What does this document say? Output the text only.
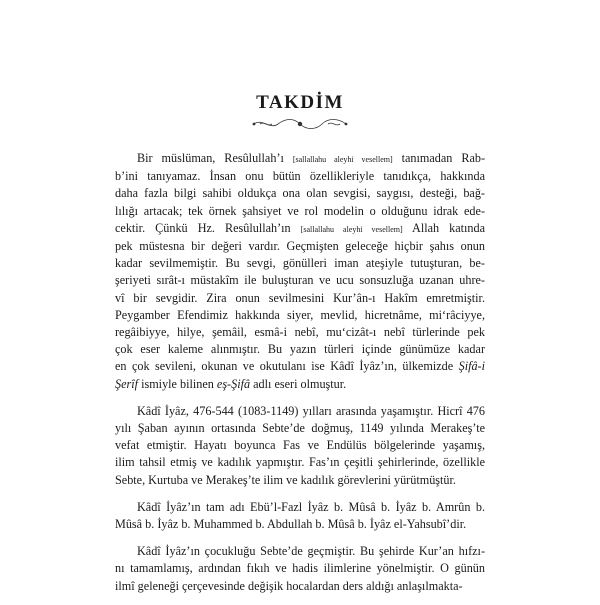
TAKDİM
Bir müslüman, Resûlullah’ı [sallallahu aleyhi vesellem] tanımadan Rab-
b’ini tanıyamaz. İnsan onu bütün özellikleriyle tanıdıkça, hakkında
daha fazla bilgi sahibi oldukça ona olan sevgisi, saygısı, desteği, bağ-
lılığı artacak; tek örnek şahsiyet ve rol modelin o olduğunu idrak ede-
cektir. Çünkü Hz. Resûlullah’ın [sallallahu aleyhi vesellem] Allah katında
pek müstesna bir değeri vardır. Geçmişten geleceğe hiçbir şahıs onun
kadar sevilmemiştir. Bu sevgi, gönülleri iman ateşiyle tutuşturan, be-
şeriyeti sırât-ı müstakîm ile buluşturan ve ucu sonsuzluğa uzanan uhre-
vî bir sevgidir. Zira onun sevilmesini Kur’ân-ı Hakîm emretmiştir.
Peygamber Efendimiz hakkında siyer, mevlid, hicretnâme, mi‘râciyye,
regâibiyye, hilye, şemâil, esmâ-i nebî, mu‘cizât-ı nebî türlerinde pek
çok eser kaleme alınmıştır. Bu yazın türleri içinde günümüze kadar
en çok sevileni, okunan ve okutulanı ise Kâdî İyâz’ın, ülkemizde Şifâ-i
Şerîf ismiyle bilinen eş-Şifâ adlı eseri olmuştur.
Kâdî İyâz, 476-544 (1083-1149) yılları arasında yaşamıştır. Hicrî 476
yılı Şaban ayının ortasında Sebte’de doğmuş, 1149 yılında Merakeş’te
vefat etmiştir. Hayatı boyunca Fas ve Endülüs bölgelerinde yaşamış,
ilim tahsil etmiş ve kadılık yapmıştır. Fas’ın çeşitli şehirlerinde, özellikle
Sebte, Kurtuba ve Merakeş’te ilim ve kadılık görevlerini yürütmüştür.
Kâdî İyâz’ın tam adı Ebü’l-Fazl İyâz b. Mûsâ b. İyâz b. Amrûn b.
Mûsâ b. İyâz b. Muhammed b. Abdullah b. Mûsâ b. İyâz el-Yahsubî’dir.
Kâdî İyâz’ın çocukluğu Sebte’de geçmiştir. Bu şehirde Kur’an hıfzı-
nı tamamlamış, ardından fıkıh ve hadis ilimlerine yönelmiştir. O günün
ilmî geleneği çerçevesinde değişik hocalardan ders aldığı anlaşılmakta-
